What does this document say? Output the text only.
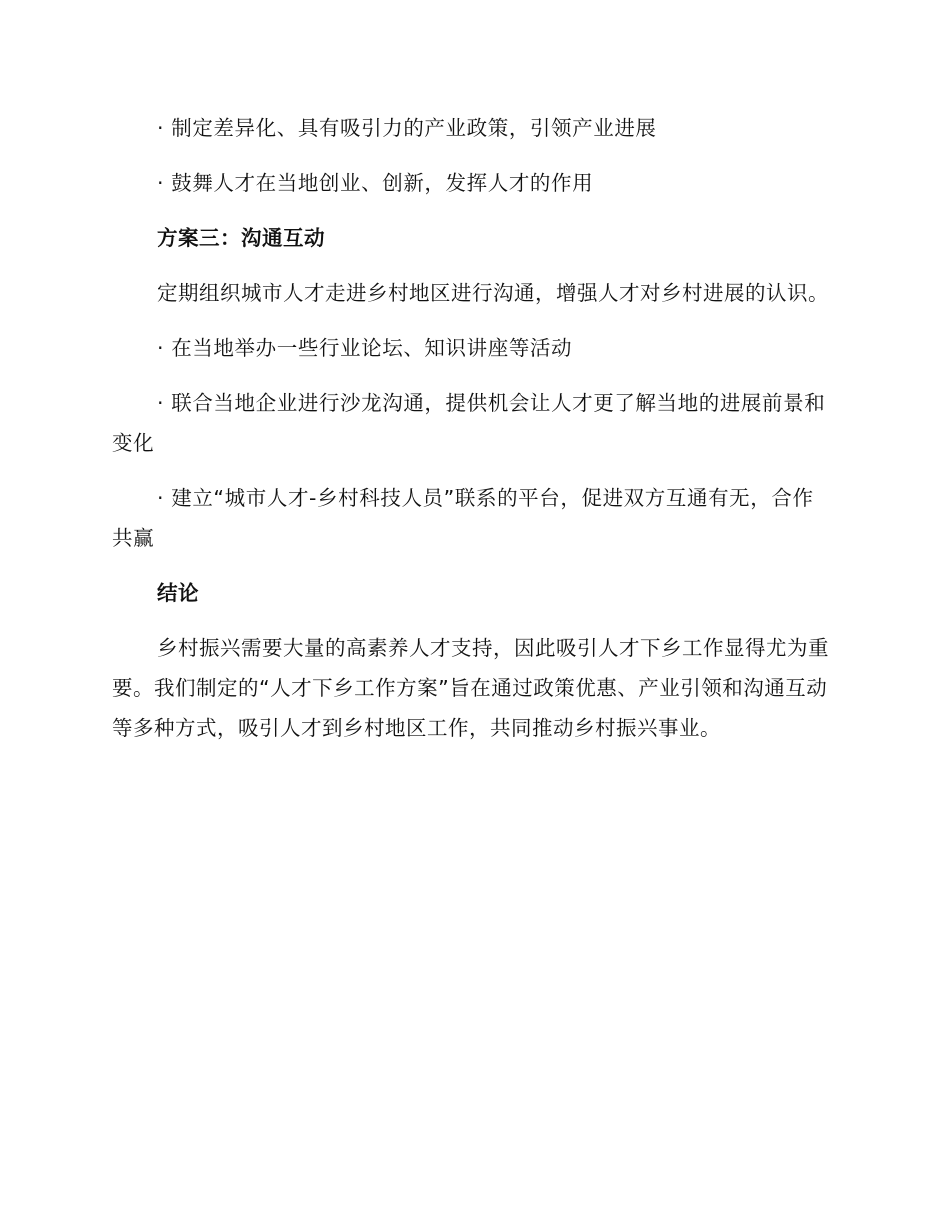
· 制定差异化、具有吸引力的产业政策，引领产业进展

· 鼓舞人才在当地创业、创新，发挥人才的作用

方案三：沟通互动

定期组织城市人才走进乡村地区进行沟通，增强人才对乡村进展的认识。

· 在当地举办一些行业论坛、知识讲座等活动

· 联合当地企业进行沙龙沟通，提供机会让人才更了解当地的进展前景和变化

· 建立“城市人才-乡村科技人员”联系的平台，促进双方互通有无，合作共赢

结论

乡村振兴需要大量的高素养人才支持，因此吸引人才下乡工作显得尤为重要。我们制定的“人才下乡工作方案”旨在通过政策优惠、产业引领和沟通互动等多种方式，吸引人才到乡村地区工作，共同推动乡村振兴事业。
